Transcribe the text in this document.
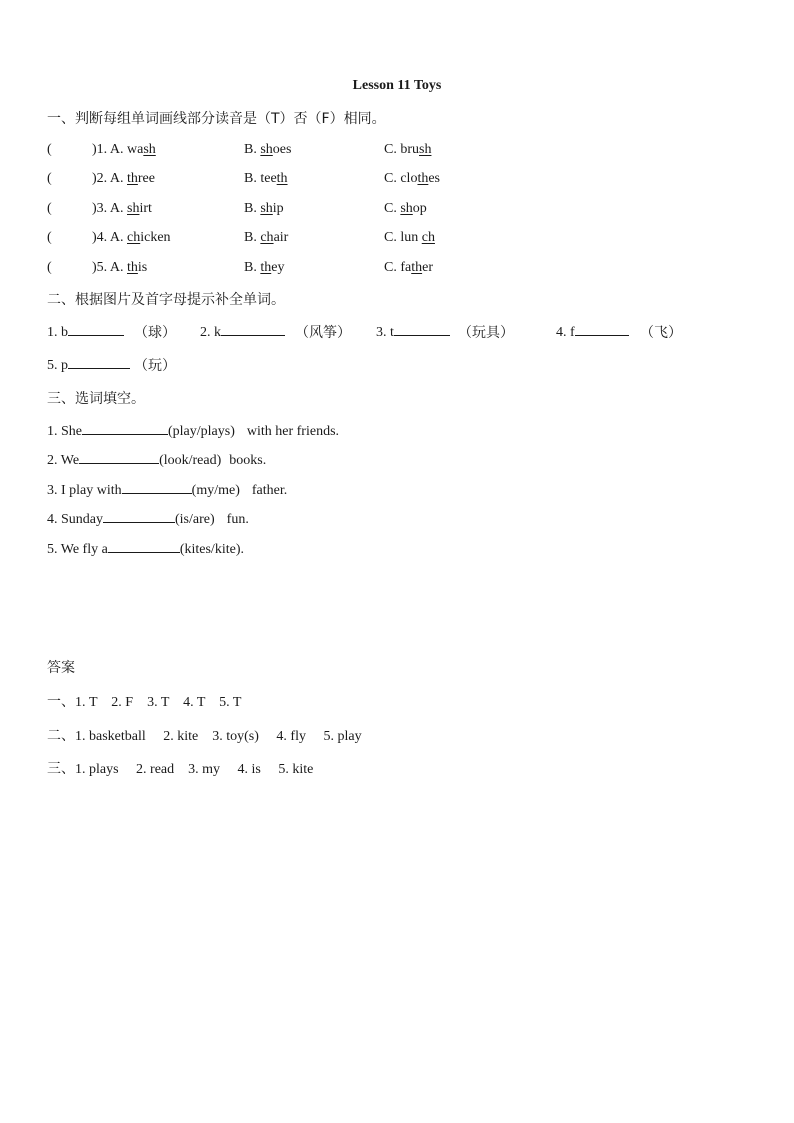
Lesson 11 Toys
一、判断每组单词画线部分读音是（T）否（F）相同。
(	)1. A. wash	B. shoes	C. brush
(	)2. A. three	B. teeth	C. clothes
(	)3. A. shirt	B. ship	C. shop
(	)4. A. chicken	B. chair	C. lun ch
(	)5. A. this	B. they	C. father
二、根据图片及首字母提示补全单词。
1. b	（球） 2. k	（风筝） 3. t	（玩具）	4. f	（飞）
5. p	（玩）
三、选词填空。
1. She	(play/plays) with her friends.
2. We	(look/read) books.
3. I play with	(my/me) father.
4. Sunday	(is/are) fun.
5. We fly a	(kites/kite).
答案
一、1. T    2. F    3. T    4. T    5. T
二、1. basketball     2. kite    3. toy(s)     4. fly     5. play
三、1. plays     2. read    3. my     4. is     5. kite
